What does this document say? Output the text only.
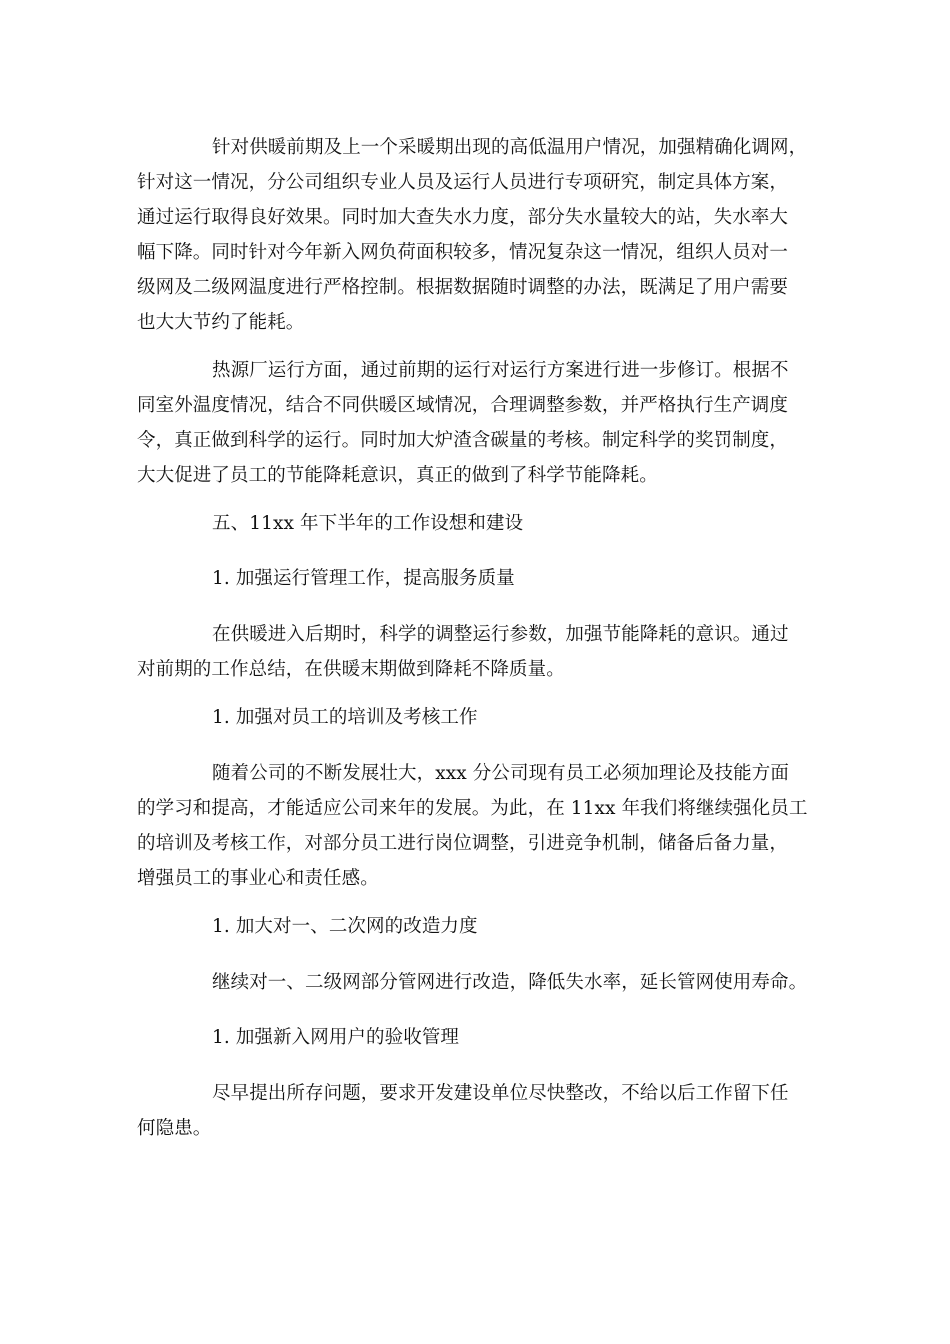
针对供暖前期及上一个采暖期出现的高低温用户情况，加强精确化调网，
针对这一情况，分公司组织专业人员及运行人员进行专项研究，制定具体方案，
通过运行取得良好效果。同时加大查失水力度，部分失水量较大的站，失水率大
幅下降。同时针对今年新入网负荷面积较多，情况复杂这一情况，组织人员对一
级网及二级网温度进行严格控制。根据数据随时调整的办法，既满足了用户需要
也大大节约了能耗。
热源厂运行方面，通过前期的运行对运行方案进行进一步修订。根据不
同室外温度情况，结合不同供暖区域情况，合理调整参数，并严格执行生产调度
令，真正做到科学的运行。同时加大炉渣含碳量的考核。制定科学的奖罚制度，
大大促进了员工的节能降耗意识，真正的做到了科学节能降耗。
五、11xx 年下半年的工作设想和建设
1. 加强运行管理工作，提高服务质量
在供暖进入后期时，科学的调整运行参数，加强节能降耗的意识。通过
对前期的工作总结，在供暖末期做到降耗不降质量。
1. 加强对员工的培训及考核工作
随着公司的不断发展壮大，xxx 分公司现有员工必须加理论及技能方面
的学习和提高，才能适应公司来年的发展。为此，在 11xx 年我们将继续强化员工
的培训及考核工作，对部分员工进行岗位调整，引进竞争机制，储备后备力量，
增强员工的事业心和责任感。
1. 加大对一、二次网的改造力度
继续对一、二级网部分管网进行改造，降低失水率，延长管网使用寿命。
1. 加强新入网用户的验收管理
尽早提出所存问题，要求开发建设单位尽快整改，不给以后工作留下任
何隐患。
